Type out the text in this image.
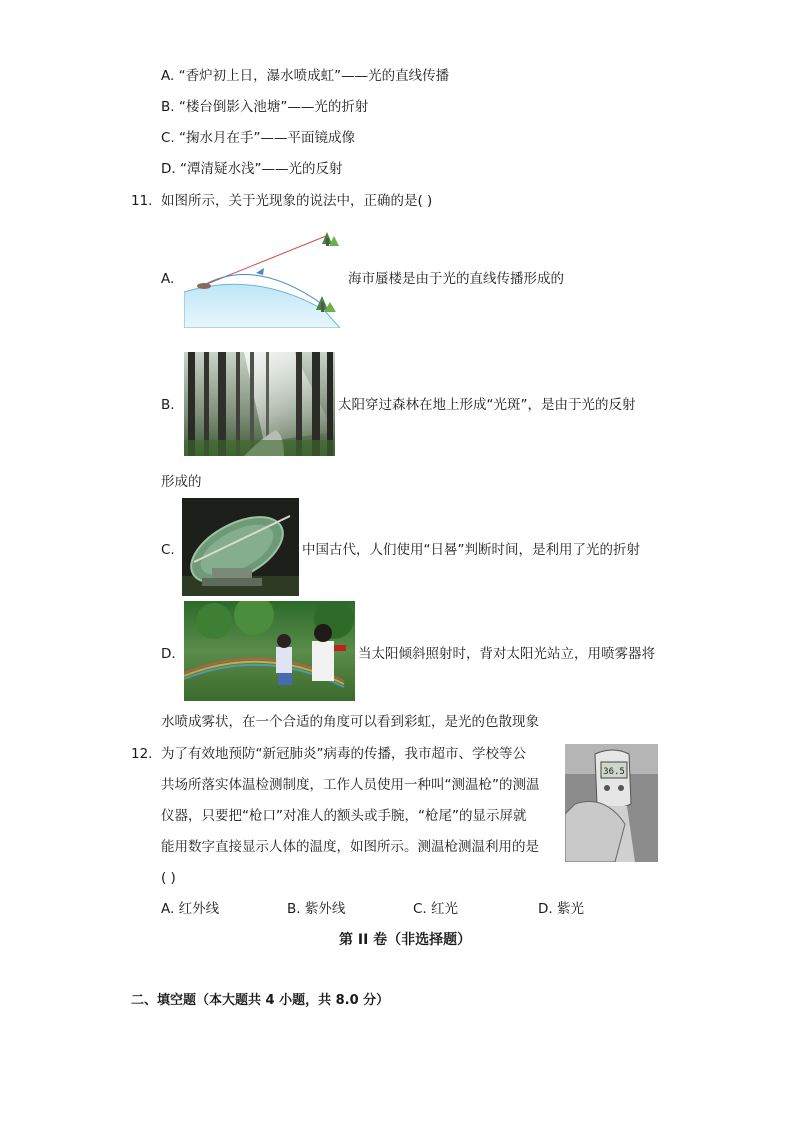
A. “香炉初上日，瀑水喷成虹”——光的直线传播
B. “楼台倒影入池塘”——光的折射
C. “掬水月在手”——平面镜成像
D. “潭清疑水浅”——光的反射
11. 如图所示，关于光现象的说法中，正确的是( )
A.	海市蜃楼是由于光的直线传播形成的
B.	太阳穿过森林在地上形成“光斑”，是由于光的反射
形成的
C.	中国古代，人们使用“日晷”判断时间，是利用了光的折射
D.	当太阳倾斜照射时，背对太阳光站立，用喷雾器将
水喷成雾状，在一个合适的角度可以看到彩虹，是光的色散现象
12. 为了有效地预防“新冠肺炎”病毒的传播，我市超市、学校等公
共场所落实体温检测制度，工作人员使用一种叫“测温枪”的测温
仪器，只要把“枪口”对准人的额头或手腕，“枪尾”的显示屏就
能用数字直接显示人体的温度，如图所示。测温枪测温利用的是
( )
36.5
A. 红外线	B. 紫外线	C. 红光	D. 紫光
第 II 卷（非选择题）
二、填空题（本大题共 4 小题，共 8.0 分）
